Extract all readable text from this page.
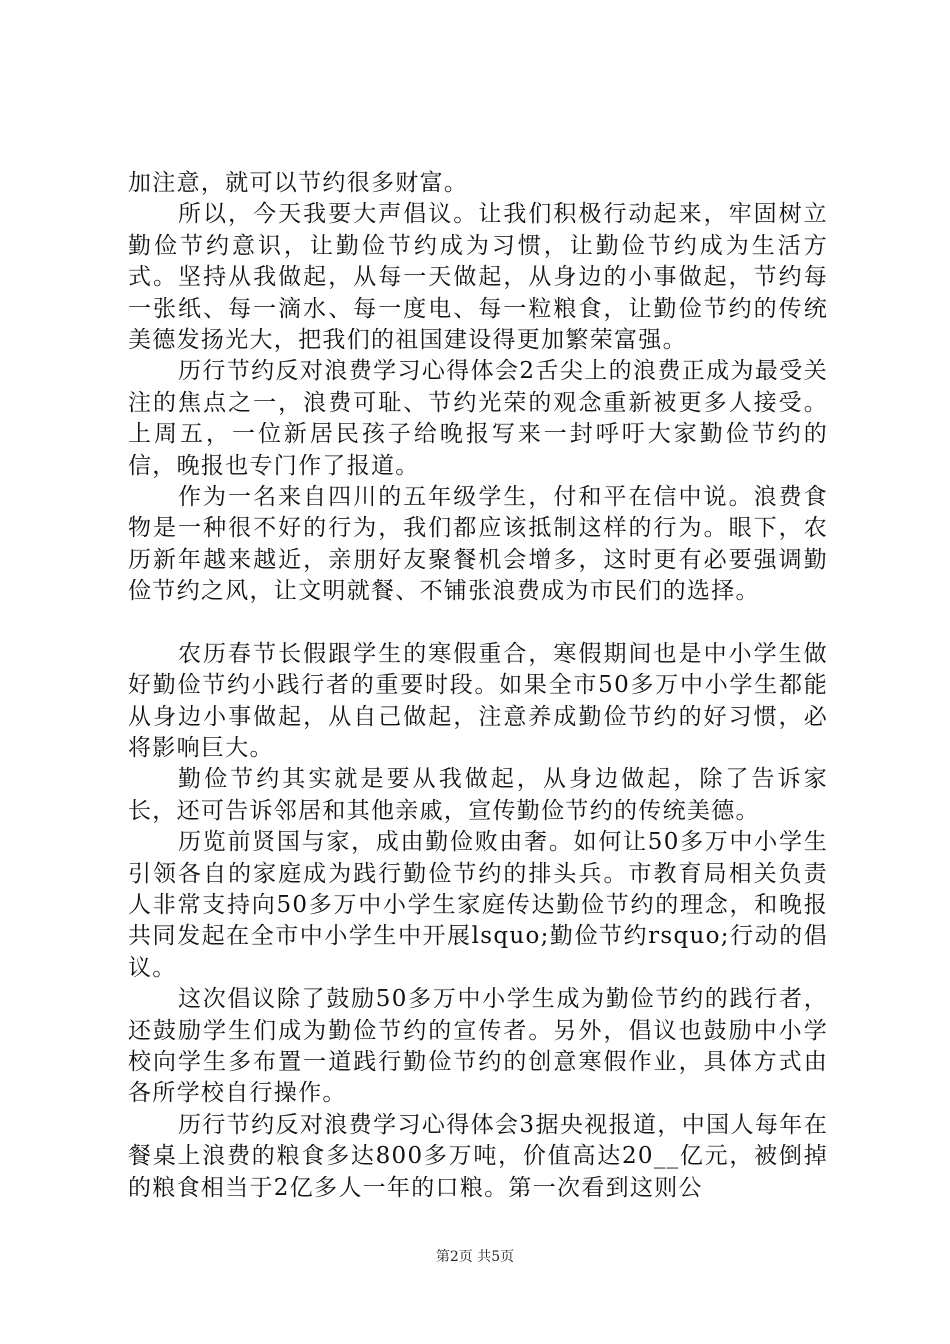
加注意，就可以节约很多财富。

所以，今天我要大声倡议。让我们积极行动起来，牢固树立勤俭节约意识，让勤俭节约成为习惯，让勤俭节约成为生活方式。坚持从我做起，从每一天做起，从身边的小事做起，节约每一张纸、每一滴水、每一度电、每一粒粮食，让勤俭节约的传统美德发扬光大，把我们的祖国建设得更加繁荣富强。

历行节约反对浪费学习心得体会2舌尖上的浪费正成为最受关注的焦点之一，浪费可耻、节约光荣的观念重新被更多人接受。上周五，一位新居民孩子给晚报写来一封呼吁大家勤俭节约的信，晚报也专门作了报道。

作为一名来自四川的五年级学生，付和平在信中说。浪费食物是一种很不好的行为，我们都应该抵制这样的行为。眼下，农历新年越来越近，亲朋好友聚餐机会增多，这时更有必要强调勤俭节约之风，让文明就餐、不铺张浪费成为市民们的选择。

农历春节长假跟学生的寒假重合，寒假期间也是中小学生做好勤俭节约小践行者的重要时段。如果全市50多万中小学生都能从身边小事做起，从自己做起，注意养成勤俭节约的好习惯，必将影响巨大。

勤俭节约其实就是要从我做起，从身边做起，除了告诉家长，还可告诉邻居和其他亲戚，宣传勤俭节约的传统美德。

历览前贤国与家，成由勤俭败由奢。如何让50多万中小学生引领各自的家庭成为践行勤俭节约的排头兵。市教育局相关负责人非常支持向50多万中小学生家庭传达勤俭节约的理念，和晚报共同发起在全市中小学生中开展lsquo;勤俭节约rsquo;行动的倡议。

这次倡议除了鼓励50多万中小学生成为勤俭节约的践行者，还鼓励学生们成为勤俭节约的宣传者。另外，倡议也鼓励中小学校向学生多布置一道践行勤俭节约的创意寒假作业，具体方式由各所学校自行操作。

历行节约反对浪费学习心得体会3据央视报道，中国人每年在餐桌上浪费的粮食多达800多万吨，价值高达20__亿元，被倒掉的粮食相当于2亿多人一年的口粮。第一次看到这则公

第2页 共5页
